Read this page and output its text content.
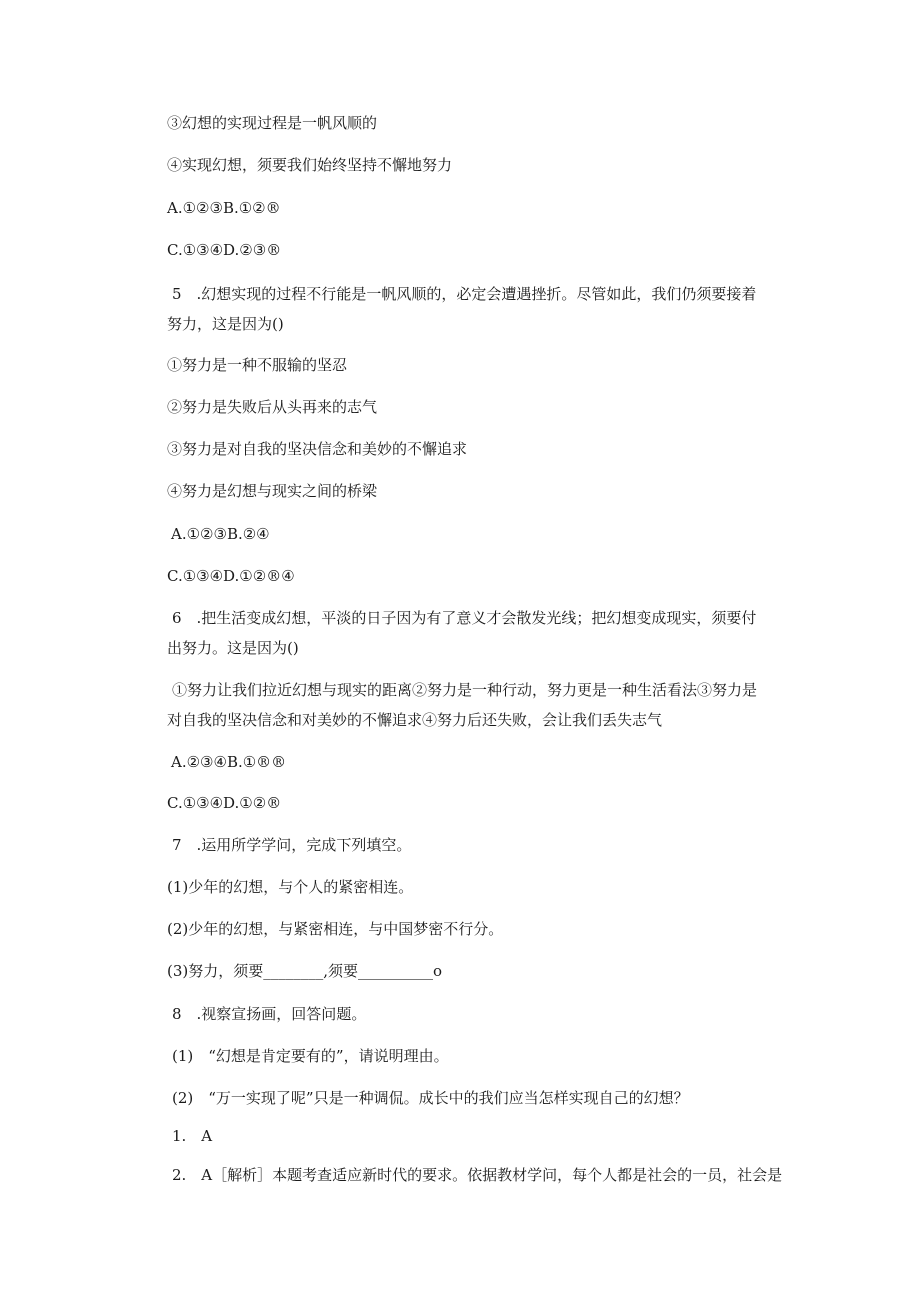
③幻想的实现过程是一帆风顺的
④实现幻想，须要我们始终坚持不懈地努力
A.①②③B.①②®
C.①③④D.②③®
5　.幻想实现的过程不行能是一帆风顺的，必定会遭遇挫折。尽管如此，我们仍须要接着
努力，这是因为()
①努力是一种不服输的坚忍
②努力是失败后从头再来的志气
③努力是对自我的坚决信念和美妙的不懈追求
④努力是幻想与现实之间的桥梁
A.①②③B.②④
C.①③④D.①②®④
6　.把生活变成幻想，平淡的日子因为有了意义才会散发光线；把幻想变成现实，须要付
出努力。这是因为()
①努力让我们拉近幻想与现实的距离②努力是一种行动，努力更是一种生活看法③努力是
对自我的坚决信念和对美妙的不懈追求④努力后还失败，会让我们丢失志气
A.②③④B.①®®
C.①③④D.①②®
7　.运用所学学问，完成下列填空。
(1)少年的幻想，与个人的紧密相连。
(2)少年的幻想，与紧密相连，与中国梦密不行分。
(3)努力，须要________,须要__________o
8　.视察宣扬画，回答问题。
(1)　“幻想是肯定要有的”，请说明理由。
(2)　“万一实现了呢”只是一种调侃。成长中的我们应当怎样实现自己的幻想？
1.　A
2.　A［解析］本题考查适应新时代的要求。依据教材学问，每个人都是社会的一员，社会是
